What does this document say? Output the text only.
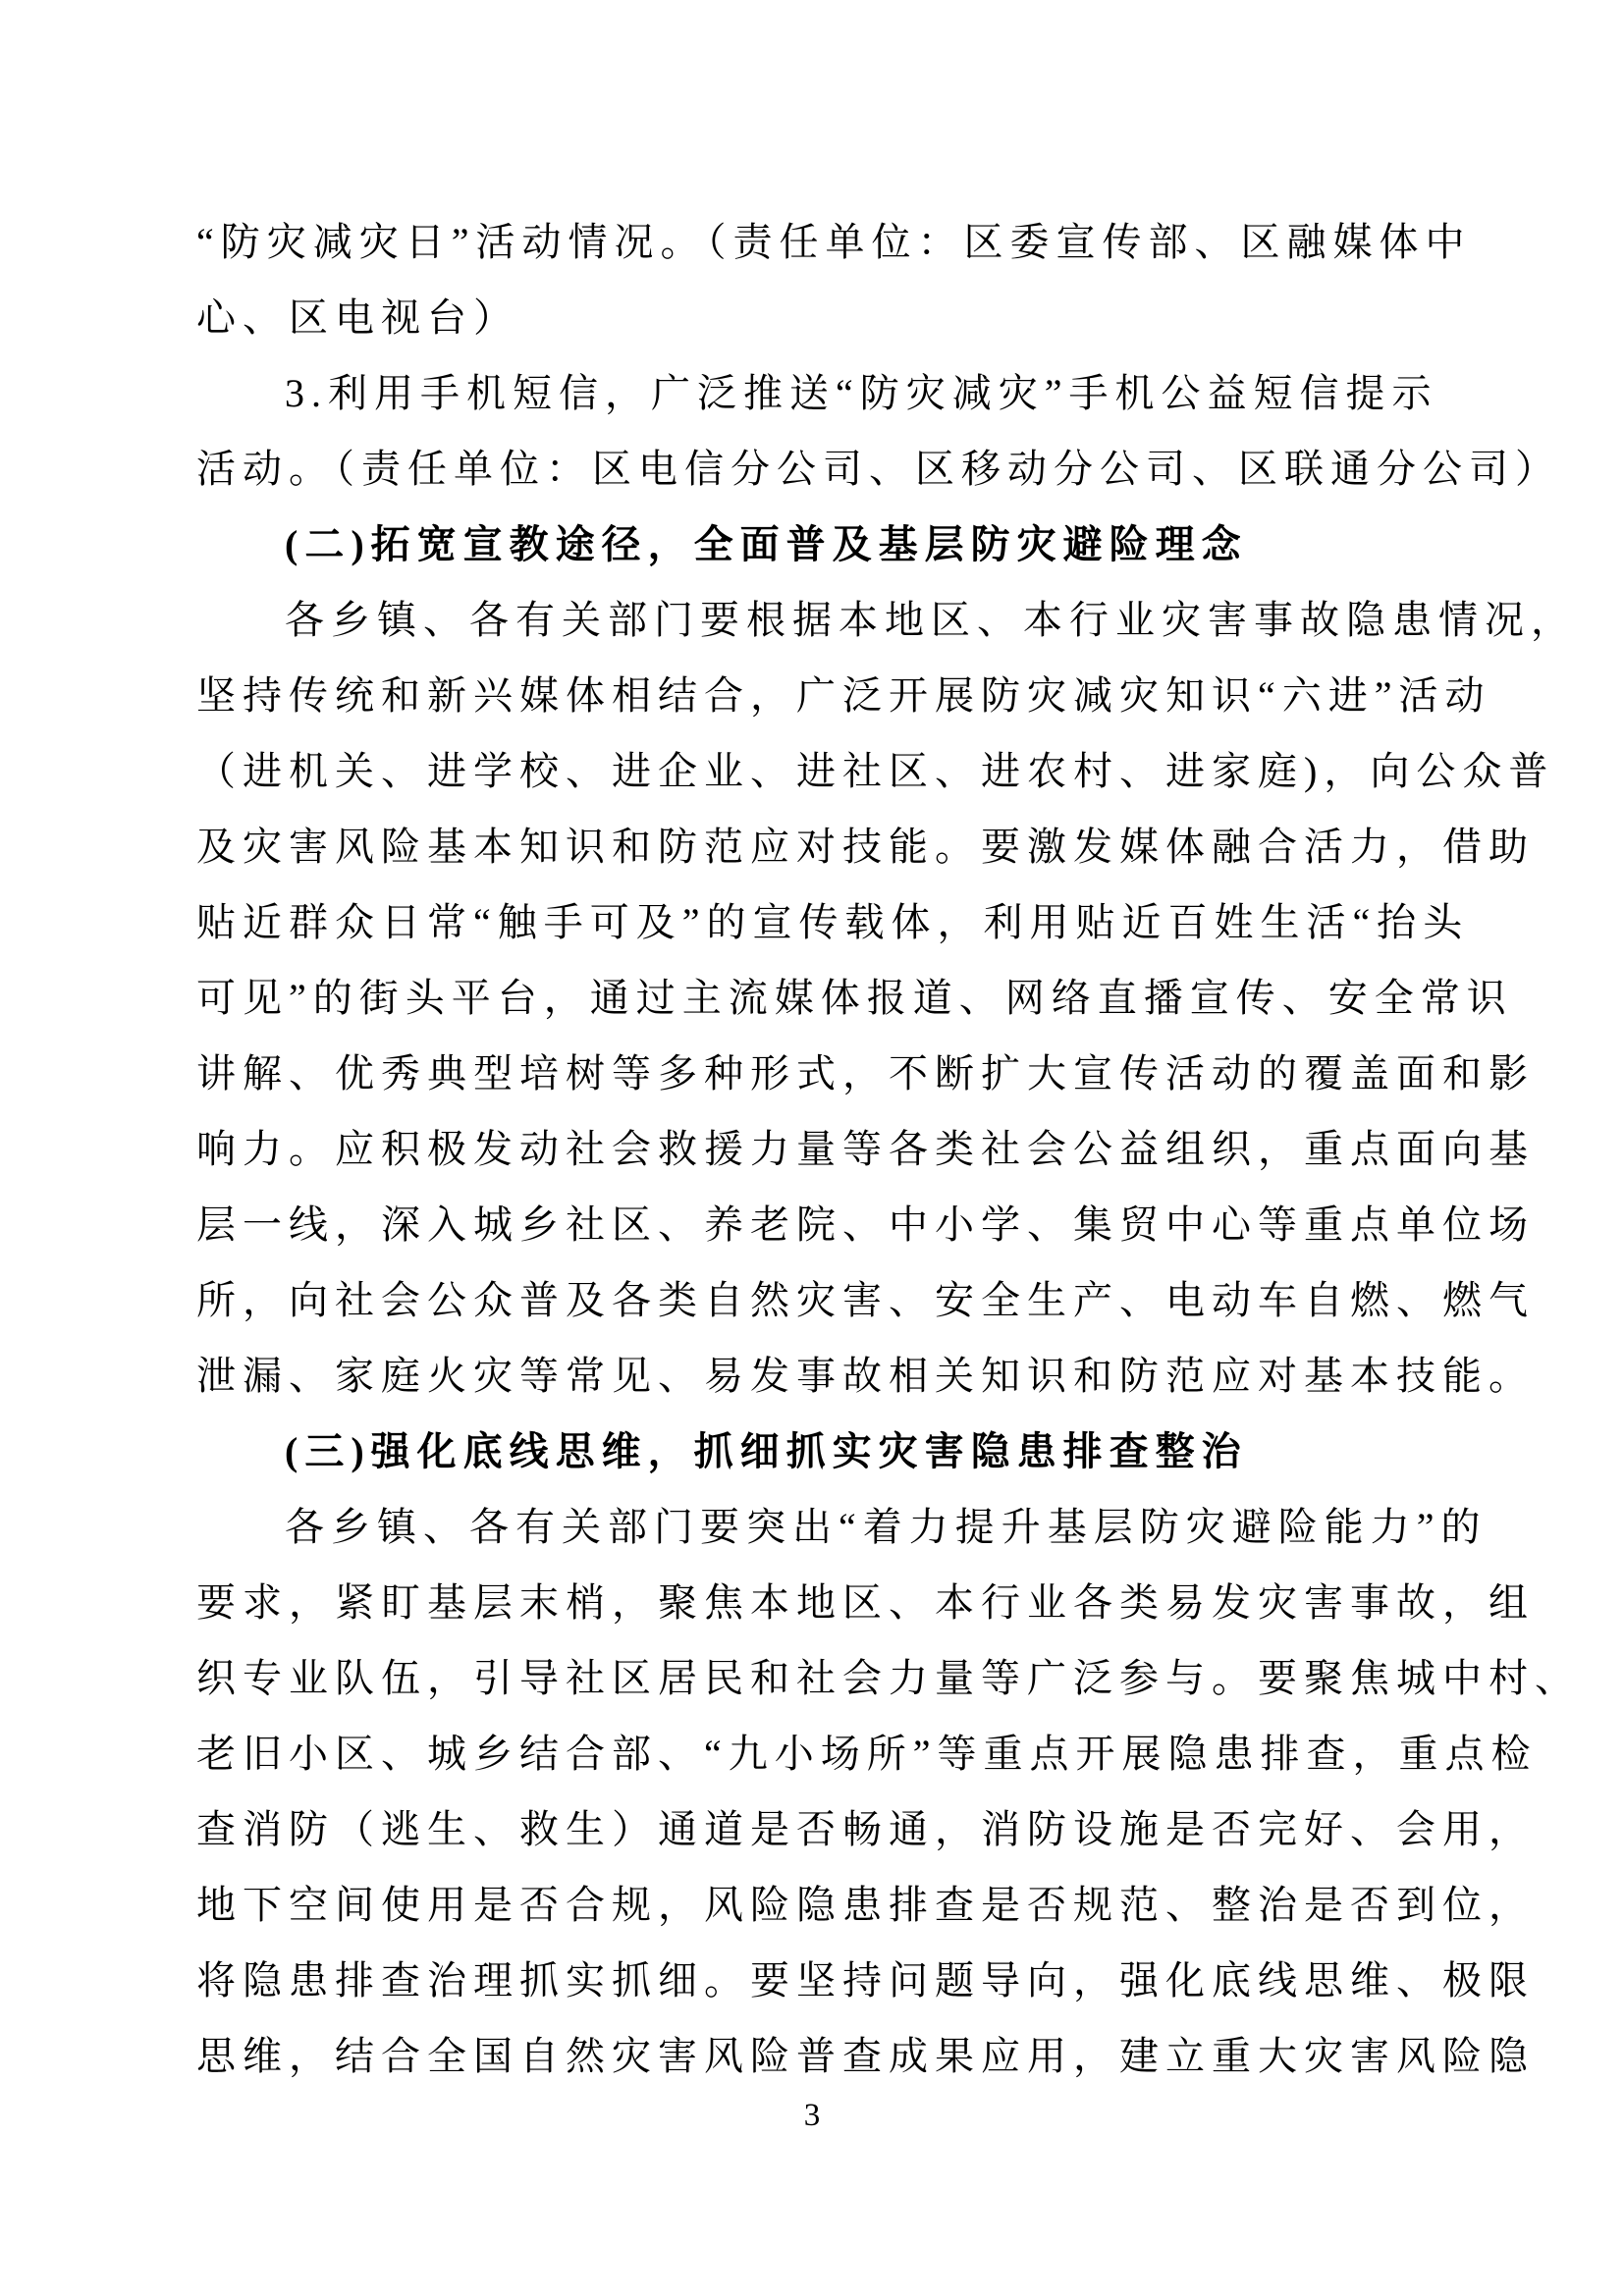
“防灾减灾日”活动情况。（责任单位：区委宣传部、区融媒体中
心、区电视台）
3.利用手机短信，广泛推送“防灾减灾”手机公益短信提示
活动。（责任单位：区电信分公司、区移动分公司、区联通分公司）
(二)拓宽宣教途径，全面普及基层防灾避险理念
各乡镇、各有关部门要根据本地区、本行业灾害事故隐患情况，
坚持传统和新兴媒体相结合，广泛开展防灾减灾知识“六进”活动
（进机关、进学校、进企业、进社区、进农村、进家庭)，向公众普
及灾害风险基本知识和防范应对技能。要激发媒体融合活力，借助
贴近群众日常“触手可及”的宣传载体，利用贴近百姓生活“抬头
可见”的街头平台，通过主流媒体报道、网络直播宣传、安全常识
讲解、优秀典型培树等多种形式，不断扩大宣传活动的覆盖面和影
响力。应积极发动社会救援力量等各类社会公益组织，重点面向基
层一线，深入城乡社区、养老院、中小学、集贸中心等重点单位场
所，向社会公众普及各类自然灾害、安全生产、电动车自燃、燃气
泄漏、家庭火灾等常见、易发事故相关知识和防范应对基本技能。
(三)强化底线思维，抓细抓实灾害隐患排查整治
各乡镇、各有关部门要突出“着力提升基层防灾避险能力”的
要求，紧盯基层末梢，聚焦本地区、本行业各类易发灾害事故，组
织专业队伍，引导社区居民和社会力量等广泛参与。要聚焦城中村、
老旧小区、城乡结合部、“九小场所”等重点开展隐患排查，重点检
查消防（逃生、救生）通道是否畅通，消防设施是否完好、会用，
地下空间使用是否合规，风险隐患排查是否规范、整治是否到位，
将隐患排查治理抓实抓细。要坚持问题导向，强化底线思维、极限
思维，结合全国自然灾害风险普查成果应用，建立重大灾害风险隐
3
